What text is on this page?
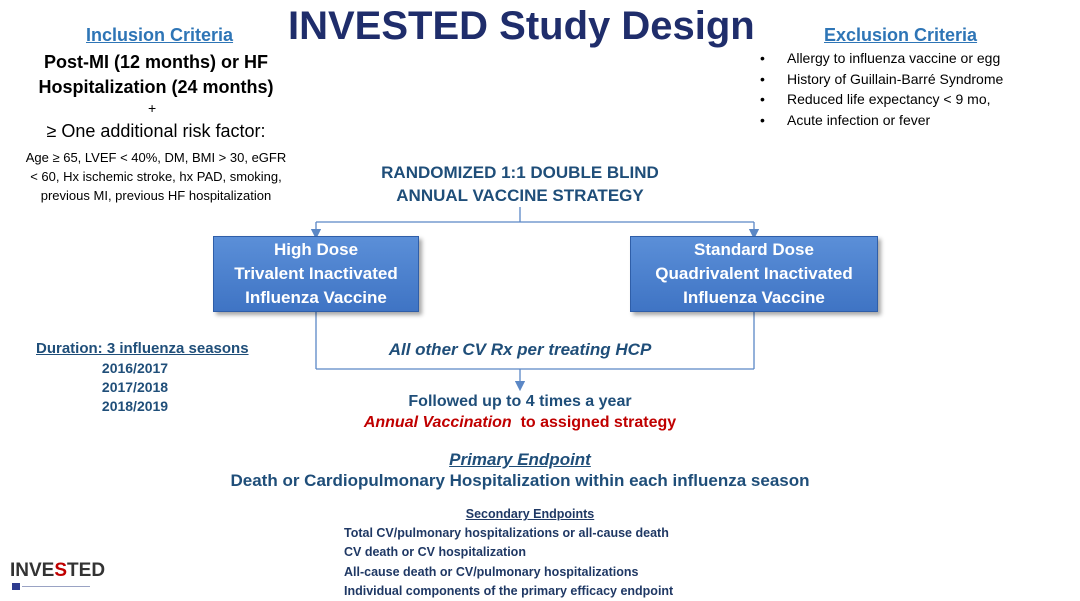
INVESTED Study Design
Inclusion Criteria
Post-MI (12 months) or HF
Hospitalization (24 months)
+
≥ One additional risk factor:
Age ≥ 65, LVEF < 40%, DM, BMI > 30, eGFR < 60, Hx ischemic stroke, hx PAD, smoking, previous MI, previous HF hospitalization
Exclusion Criteria
• Allergy to influenza vaccine or egg
• History of Guillain-Barré Syndrome
• Reduced life expectancy < 9 mo,
• Acute infection or fever
RANDOMIZED 1:1 DOUBLE BLIND
ANNUAL VACCINE STRATEGY
High Dose
Trivalent Inactivated
Influenza Vaccine
Standard Dose
Quadrivalent Inactivated
Influenza Vaccine
All other CV Rx per treating HCP
Duration: 3 influenza seasons
2016/2017
2017/2018
2018/2019	Followed up to 4 times a year
Annual Vaccination  to assigned strategy
Primary Endpoint
Death or Cardiopulmonary Hospitalization within each influenza season
Secondary Endpoints
Total CV/pulmonary hospitalizations or all-cause death
CV death or CV hospitalization
All-cause death or CV/pulmonary hospitalizations
Individual components of the primary efficacy endpoint
INVESTED
